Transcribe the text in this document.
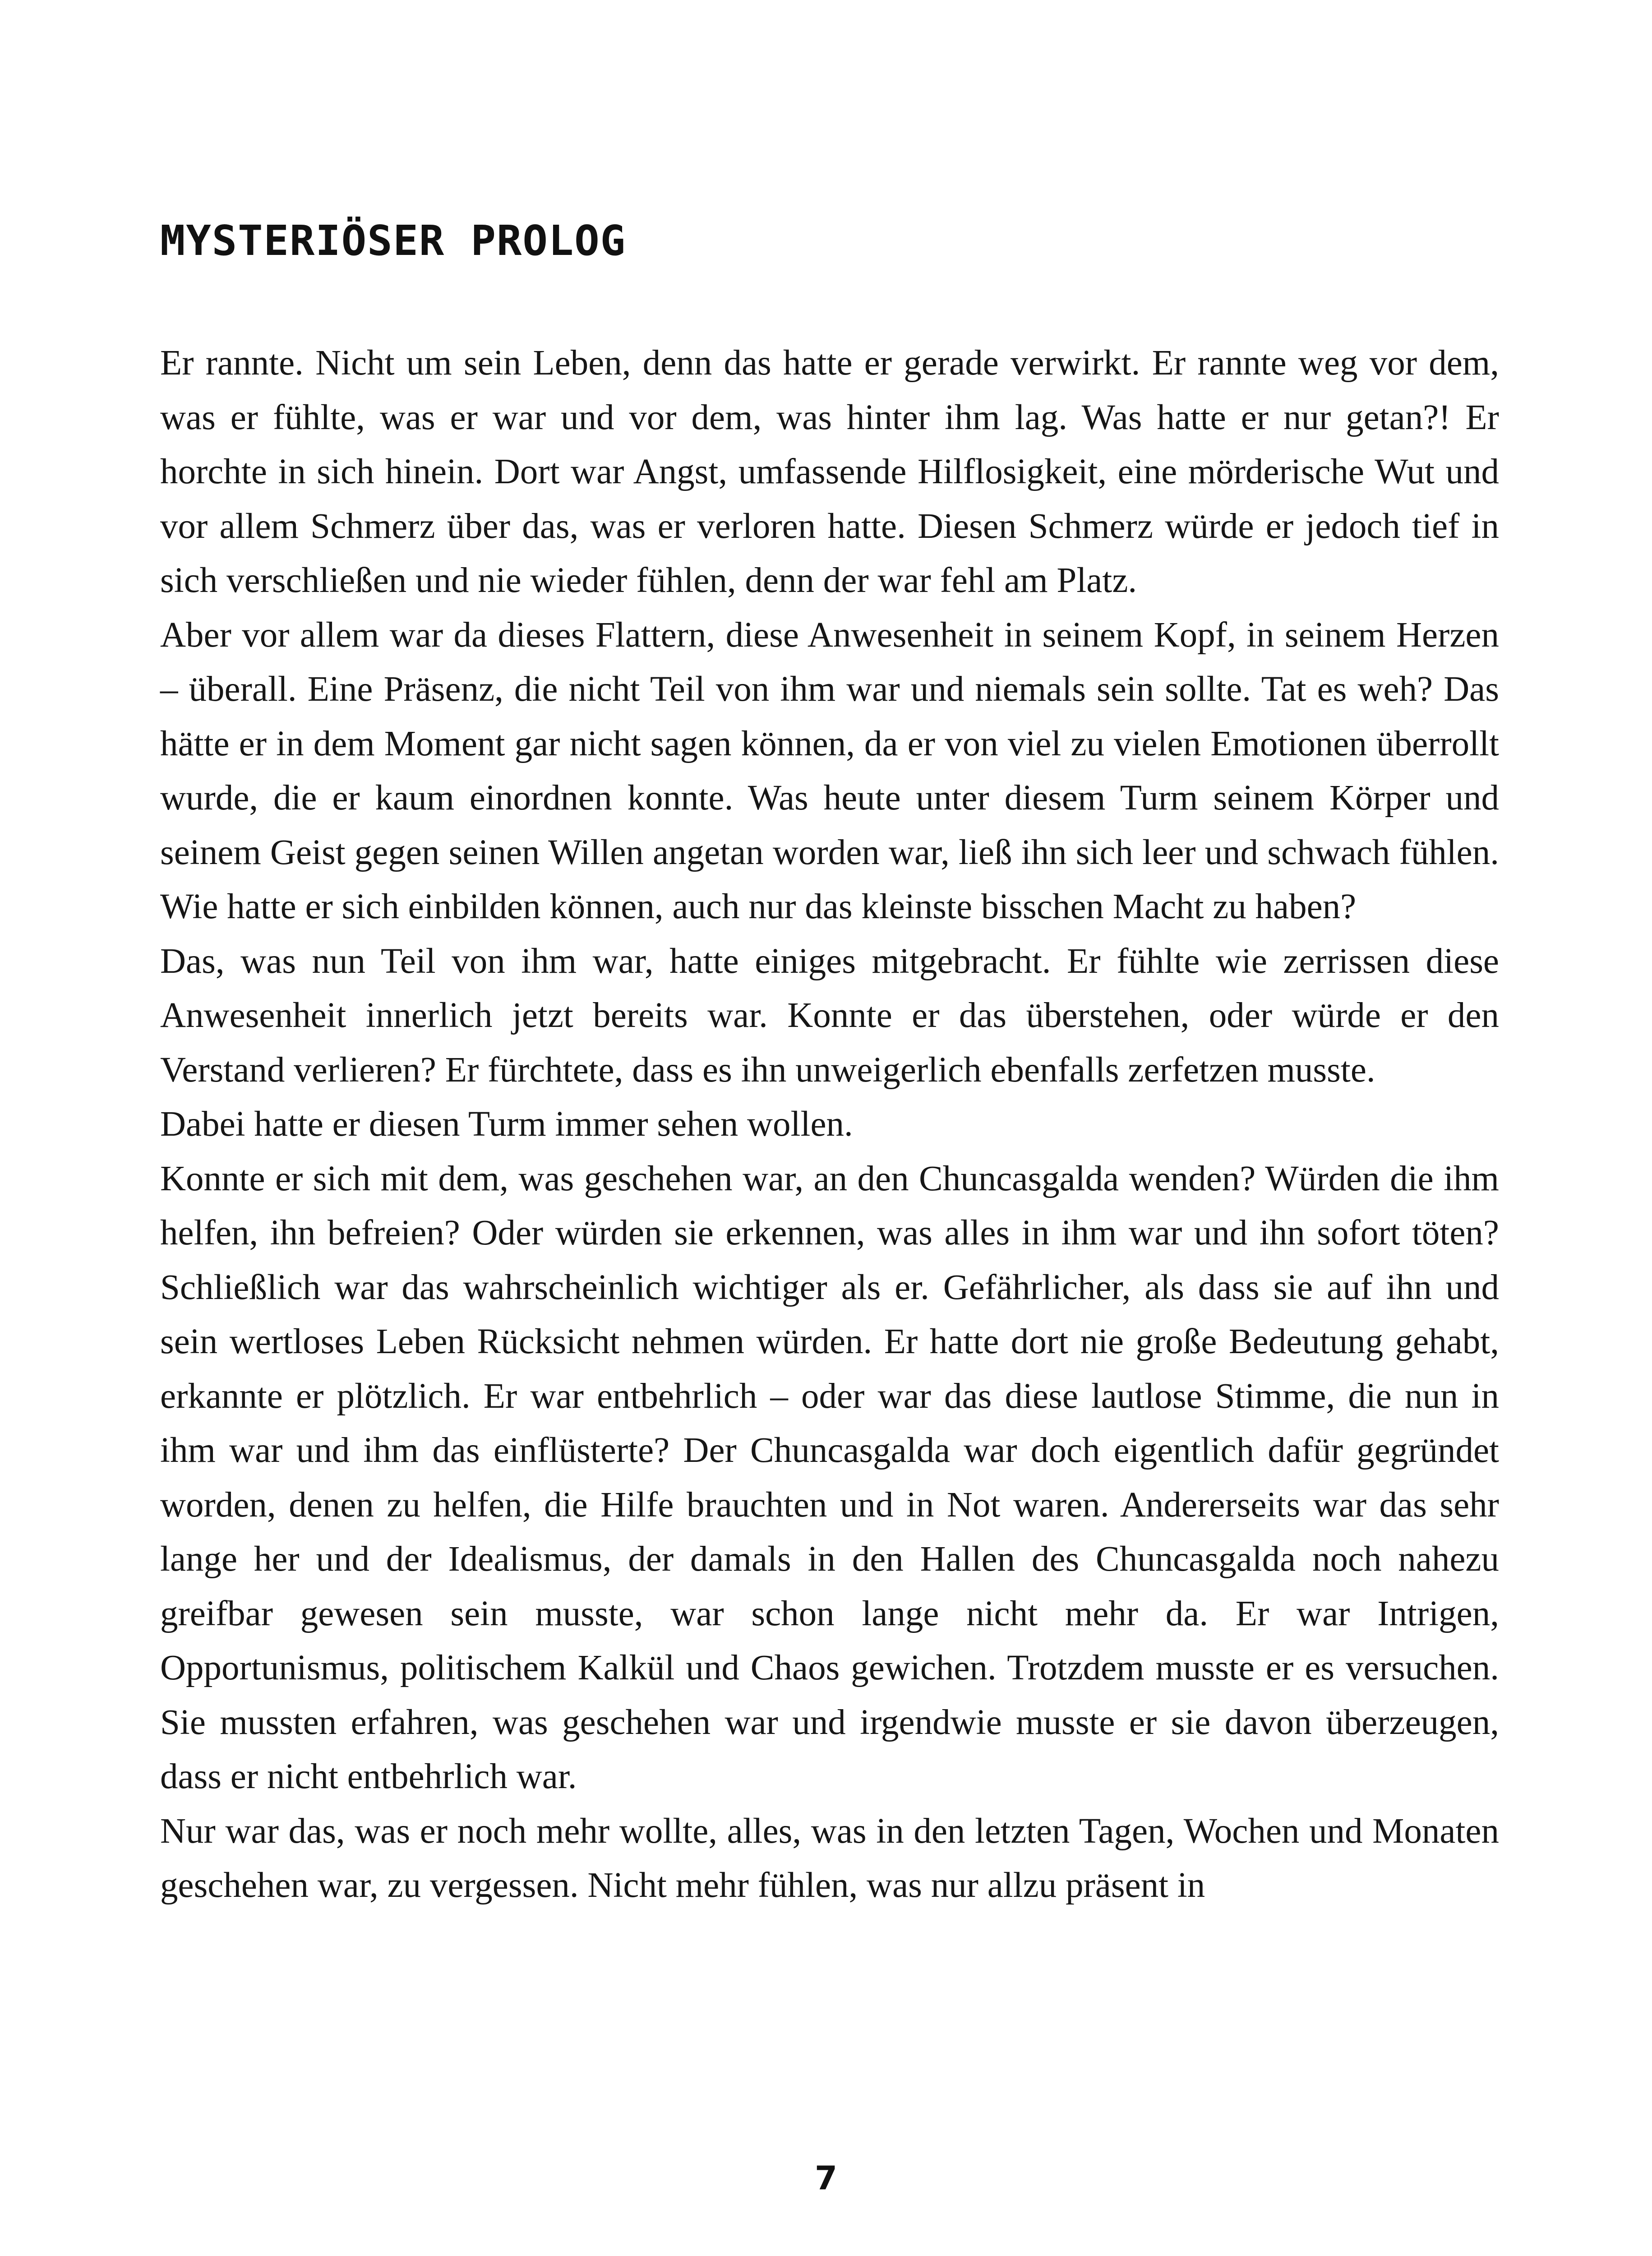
MYSTERIÖSER PROLOG

Er rannte. Nicht um sein Leben, denn das hatte er gerade verwirkt. Er rannte weg vor dem, was er fühlte, was er war und vor dem, was hinter ihm lag. Was hatte er nur getan?! Er horchte in sich hinein. Dort war Angst, umfassende Hilflosigkeit, eine mörderische Wut und vor allem Schmerz über das, was er verloren hatte. Diesen Schmerz würde er jedoch tief in sich verschließen und nie wieder fühlen, denn der war fehl am Platz.

Aber vor allem war da dieses Flattern, diese Anwesenheit in seinem Kopf, in seinem Herzen – überall. Eine Präsenz, die nicht Teil von ihm war und niemals sein sollte. Tat es weh? Das hätte er in dem Moment gar nicht sagen können, da er von viel zu vielen Emotionen überrollt wurde, die er kaum einordnen konnte. Was heute unter diesem Turm seinem Körper und seinem Geist gegen seinen Willen angetan worden war, ließ ihn sich leer und schwach fühlen. Wie hatte er sich einbilden können, auch nur das kleinste bisschen Macht zu haben?

Das, was nun Teil von ihm war, hatte einiges mitgebracht. Er fühlte wie zerrissen diese Anwesenheit innerlich jetzt bereits war. Konnte er das überstehen, oder würde er den Verstand verlieren? Er fürchtete, dass es ihn unweigerlich ebenfalls zerfetzen musste.

Dabei hatte er diesen Turm immer sehen wollen.

Konnte er sich mit dem, was geschehen war, an den Chuncasgalda wenden? Würden die ihm helfen, ihn befreien? Oder würden sie erkennen, was alles in ihm war und ihn sofort töten? Schließlich war das wahrscheinlich wichtiger als er. Gefährlicher, als dass sie auf ihn und sein wertloses Leben Rücksicht nehmen würden. Er hatte dort nie große Bedeutung gehabt, erkannte er plötzlich. Er war entbehrlich – oder war das diese lautlose Stimme, die nun in ihm war und ihm das einflüsterte? Der Chuncasgalda war doch eigentlich dafür gegründet worden, denen zu helfen, die Hilfe brauchten und in Not waren. Andererseits war das sehr lange her und der Idealismus, der damals in den Hallen des Chuncasgalda noch nahezu greifbar gewesen sein musste, war schon lange nicht mehr da. Er war Intrigen, Opportunismus, politischem Kalkül und Chaos gewichen. Trotzdem musste er es versuchen. Sie mussten erfahren, was geschehen war und irgendwie musste er sie davon überzeugen, dass er nicht entbehrlich war.

Nur war das, was er noch mehr wollte, alles, was in den letzten Tagen, Wochen und Monaten geschehen war, zu vergessen. Nicht mehr fühlen, was nur allzu präsent in

7
